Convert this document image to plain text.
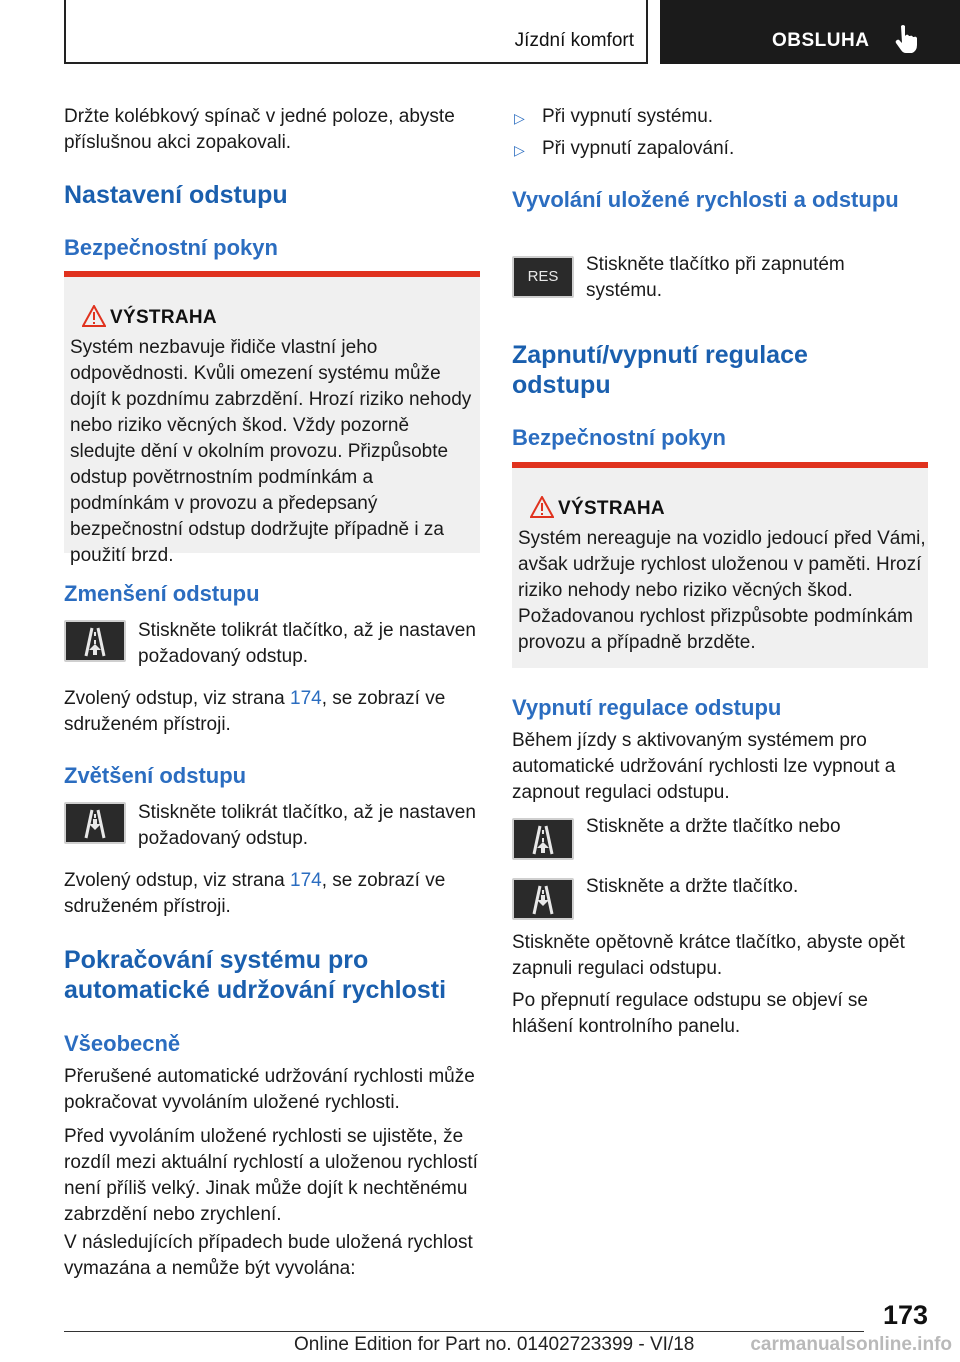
Jízdní komfort	OBSLUHA

Držte kolébkový spínač v jedné poloze, abyste příslušnou akci zopakovali.

Nastavení odstupu
Bezpečnostní pokyn
VÝSTRAHA

Systém nezbavuje řidiče vlastní jeho odpovědnosti. Kvůli omezení systému může dojít k pozdnímu zabrzdění. Hrozí riziko nehody nebo riziko věcných škod. Vždy pozorně sledujte dění v okolním provozu. Přizpůsobte odstup povětrnostním podmínkám a podmínkám v provozu a předepsaný bezpečnostní odstup dodržujte případně i za použití brzd.

Zmenšení odstupu

Stiskněte tolikrát tlačítko, až je nastaven požadovaný odstup.

Zvolený odstup, viz strana 174, se zobrazí ve sdruženém přístroji.

Zvětšení odstupu

Stiskněte tolikrát tlačítko, až je nastaven požadovaný odstup.

Zvolený odstup, viz strana 174, se zobrazí ve sdruženém přístroji.

Pokračování systému pro automatické udržování rychlosti
Všeobecně

Přerušené automatické udržování rychlosti může pokračovat vyvoláním uložené rychlosti.

Před vyvoláním uložené rychlosti se ujistěte, že rozdíl mezi aktuální rychlostí a uloženou rychlostí není příliš velký. Jinak může dojít k nechtěnému zabrzdění nebo zrychlení.

V následujících případech bude uložená rychlost vymazána a nemůže být vyvolána:

▷ Při vypnutí systému.

▷ Při vypnutí zapalování.

Vyvolání uložené rychlosti a odstupu
RES

Stiskněte tlačítko při zapnutém systému.

Zapnutí/vypnutí regulace odstupu
Bezpečnostní pokyn
VÝSTRAHA

Systém nereaguje na vozidlo jedoucí před Vámi, avšak udržuje rychlost uloženou v paměti. Hrozí riziko nehody nebo riziko věcných škod. Požadovanou rychlost přizpůsobte podmínkám provozu a případně brzděte.

Vypnutí regulace odstupu

Během jízdy s aktivovaným systémem pro automatické udržování rychlosti lze vypnout a zapnout regulaci odstupu.

Stiskněte a držte tlačítko nebo

Stiskněte a držte tlačítko.

Stiskněte opětovně krátce tlačítko, abyste opět zapnuli regulaci odstupu.

Po přepnutí regulace odstupu se objeví se hlášení kontrolního panelu.

173
Online Edition for Part no. 01402723399 - VI/18	carmanualsonline.info
